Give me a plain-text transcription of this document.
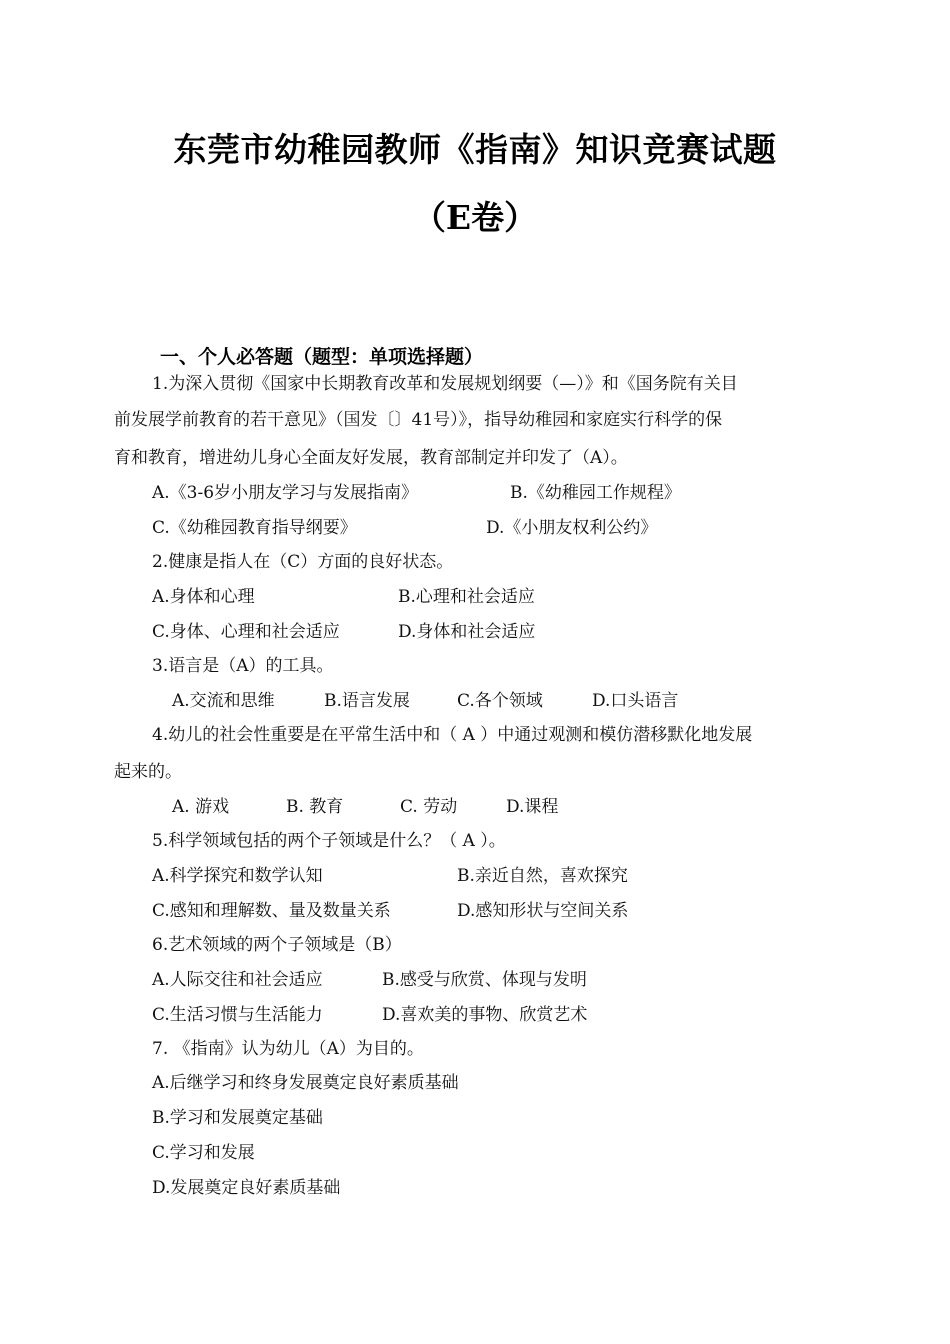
东莞市幼稚园教师《指南》知识竞赛试题
（E卷）
一、个人必答题（题型：单项选择题）
1.为深入贯彻《国家中长期教育改革和发展规划纲要（—）》和《国务院有关目
前发展学前教育的若干意见》（国发〔〕41号）》，指导幼稚园和家庭实行科学的保
育和教育，增进幼儿身心全面友好发展，教育部制定并印发了（A）。
A.《3-6岁小朋友学习与发展指南》	B.《幼稚园工作规程》
C.《幼稚园教育指导纲要》	D.《小朋友权利公约》
2.健康是指人在（C）方面的良好状态。
A.身体和心理	B.心理和社会适应
C.身体、心理和社会适应	D.身体和社会适应
3.语言是（A）的工具。
A.交流和思维	B.语言发展	C.各个领域	D.口头语言
4.幼儿的社会性重要是在平常生活中和（ A ）中通过观测和模仿潜移默化地发展
起来的。
A. 游戏	B. 教育	C. 劳动	D.课程
5.科学领域包括的两个子领域是什么？（ A ）。
A.科学探究和数学认知	B.亲近自然，喜欢探究
C.感知和理解数、量及数量关系	D.感知形状与空间关系
6.艺术领域的两个子领域是（B）
A.人际交往和社会适应	B.感受与欣赏、体现与发明
C.生活习惯与生活能力	D.喜欢美的事物、欣赏艺术
7. 《指南》认为幼儿（A）为目的。
A.后继学习和终身发展奠定良好素质基础
B.学习和发展奠定基础
C.学习和发展
D.发展奠定良好素质基础
